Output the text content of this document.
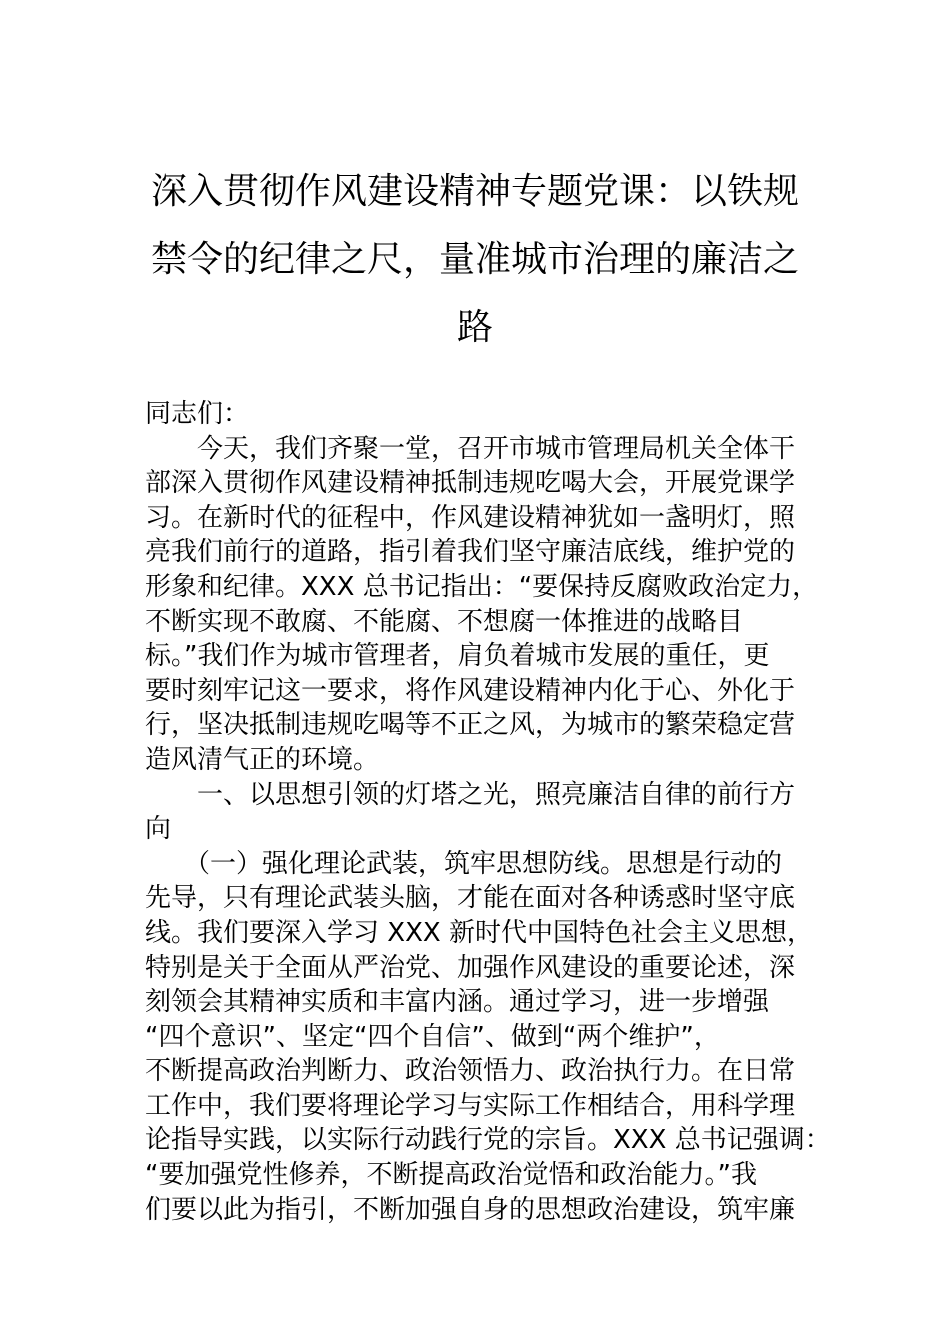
深入贯彻作风建设精神专题党课：以铁规
禁令的纪律之尺，量准城市治理的廉洁之
路

同志们：

　　今天，我们齐聚一堂，召开市城市管理局机关全体干
部深入贯彻作风建设精神抵制违规吃喝大会，开展党课学
习。在新时代的征程中，作风建设精神犹如一盏明灯，照
亮我们前行的道路，指引着我们坚守廉洁底线，维护党的
形象和纪律。XXX 总书记指出：“要保持反腐败政治定力，
不断实现不敢腐、不能腐、不想腐一体推进的战略目
标。”我们作为城市管理者，肩负着城市发展的重任，更
要时刻牢记这一要求，将作风建设精神内化于心、外化于
行，坚决抵制违规吃喝等不正之风，为城市的繁荣稳定营
造风清气正的环境。

　　一、以思想引领的灯塔之光，照亮廉洁自律的前行方
向

　　（一）强化理论武装，筑牢思想防线。思想是行动的
先导，只有理论武装头脑，才能在面对各种诱惑时坚守底
线。我们要深入学习 XXX 新时代中国特色社会主义思想，
特别是关于全面从严治党、加强作风建设的重要论述，深
刻领会其精神实质和丰富内涵。通过学习，进一步增强
“四个意识”、坚定“四个自信”、做到“两个维护”，
不断提高政治判断力、政治领悟力、政治执行力。在日常
工作中，我们要将理论学习与实际工作相结合，用科学理
论指导实践，以实际行动践行党的宗旨。XXX 总书记强调：
“要加强党性修养，不断提高政治觉悟和政治能力。”我
们要以此为指引，不断加强自身的思想政治建设，筑牢廉
